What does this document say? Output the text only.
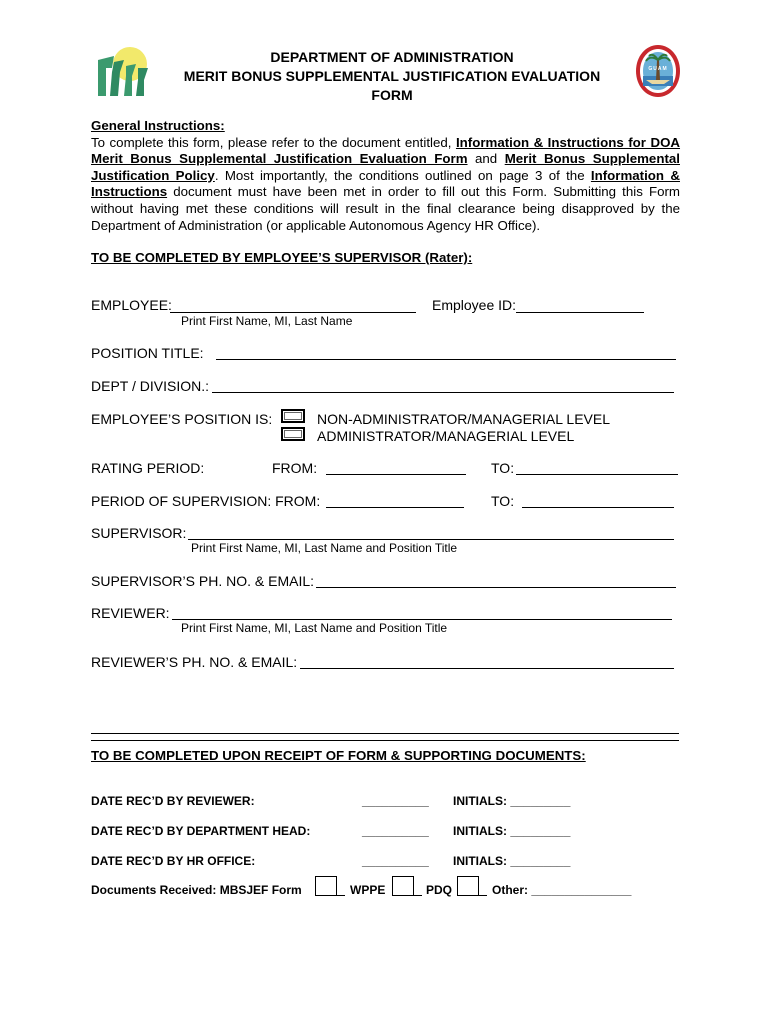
DEPARTMENT OF ADMINISTRATION
MERIT BONUS SUPPLEMENTAL JUSTIFICATION EVALUATION
FORM
GUAM
General Instructions:
To complete this form, please refer to the document entitled, Information & Instructions for DOA Merit Bonus Supplemental Justification Evaluation Form and Merit Bonus Supplemental Justification Policy. Most importantly, the conditions outlined on page 3 of the Information & Instructions document must have been met in order to fill out this Form. Submitting this Form without having met these conditions will result in the final clearance being disapproved by the Department of Administration (or applicable Autonomous Agency HR Office).
TO BE COMPLETED BY EMPLOYEE’S SUPERVISOR (Rater):
EMPLOYEE:	Employee ID:
Print First Name, MI, Last Name
POSITION TITLE:
DEPT / DIVISION.:
EMPLOYEE’S POSITION IS:	NON-ADMINISTRATOR/MANAGERIAL LEVEL
ADMINISTRATOR/MANAGERIAL LEVEL
RATING PERIOD:	FROM:	TO:
PERIOD OF SUPERVISION: FROM:	TO:
SUPERVISOR:
Print First Name, MI, Last Name and Position Title
SUPERVISOR’S PH. NO. & EMAIL:
REVIEWER:
Print First Name, MI, Last Name and Position Title
REVIEWER’S PH. NO. & EMAIL:
TO BE COMPLETED UPON RECEIPT OF FORM & SUPPORTING DOCUMENTS:
DATE REC’D BY REVIEWER:	__________ INITIALS: _________
DATE REC’D BY DEPARTMENT HEAD:	__________ INITIALS: _________
DATE REC’D BY HR OFFICE:	__________ INITIALS: _________
Documents Received: MBSJEF Form	WPPE	PDQ	Other: _______________
